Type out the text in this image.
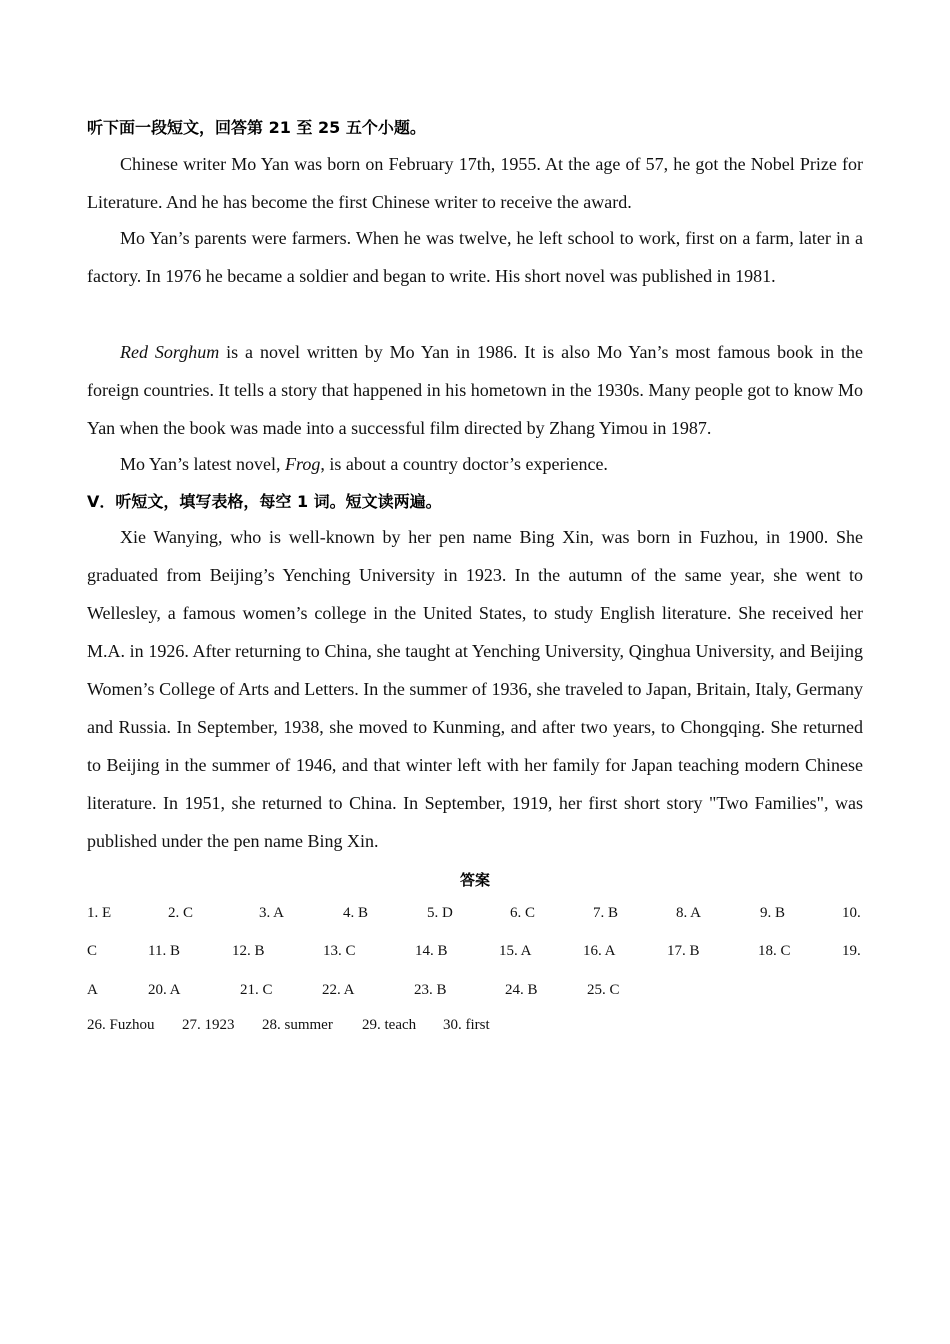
听下面一段短文，回答第 21 至 25 五个小题。

Chinese writer Mo Yan was born on February 17th, 1955. At the age of 57, he got the Nobel Prize for Literature. And he has become the first Chinese writer to receive the award.

Mo Yan’s parents were farmers. When he was twelve, he left school to work, first on a farm, later in a factory. In 1976 he became a soldier and began to write. His short novel was published in 1981.

Red Sorghum is a novel written by Mo Yan in 1986. It is also Mo Yan’s most famous book in the foreign countries. It tells a story that happened in his hometown in the 1930s. Many people got to know Mo Yan when the book was made into a successful film directed by Zhang Yimou in 1987.

Mo Yan’s latest novel, Frog, is about a country doctor’s experience.

V．听短文，填写表格，每空 1 词。短文读两遍。

Xie Wanying, who is well-known by her pen name Bing Xin, was born in Fuzhou, in 1900. She graduated from Beijing’s Yenching University in 1923. In the autumn of the same year, she went to Wellesley, a famous women’s college in the United States, to study English literature. She received her M.A. in 1926. After returning to China, she taught at Yenching University, Qinghua University, and Beijing Women’s College of Arts and Letters. In the summer of 1936, she traveled to Japan, Britain, Italy, Germany and Russia. In September, 1938, she moved to Kunming, and after two years, to Chongqing. She returned to Beijing in the summer of 1946, and that winter left with her family for Japan teaching modern Chinese literature. In 1951, she returned to China. In September, 1919, her first short story "Two Families", was published under the pen name Bing Xin.

答案
1. E	2. C	3. A	4. B	5. D	6. C	7. B	8. A	9. B	10.
C	11. B	12. B	13. C	14. B	15. A	16. A	17. B	18. C	19.
A	20. A	21. C	22. A	23. B	24. B	25. C
26. Fuzhou 27. 1923 28. summer 29. teach 30. first
